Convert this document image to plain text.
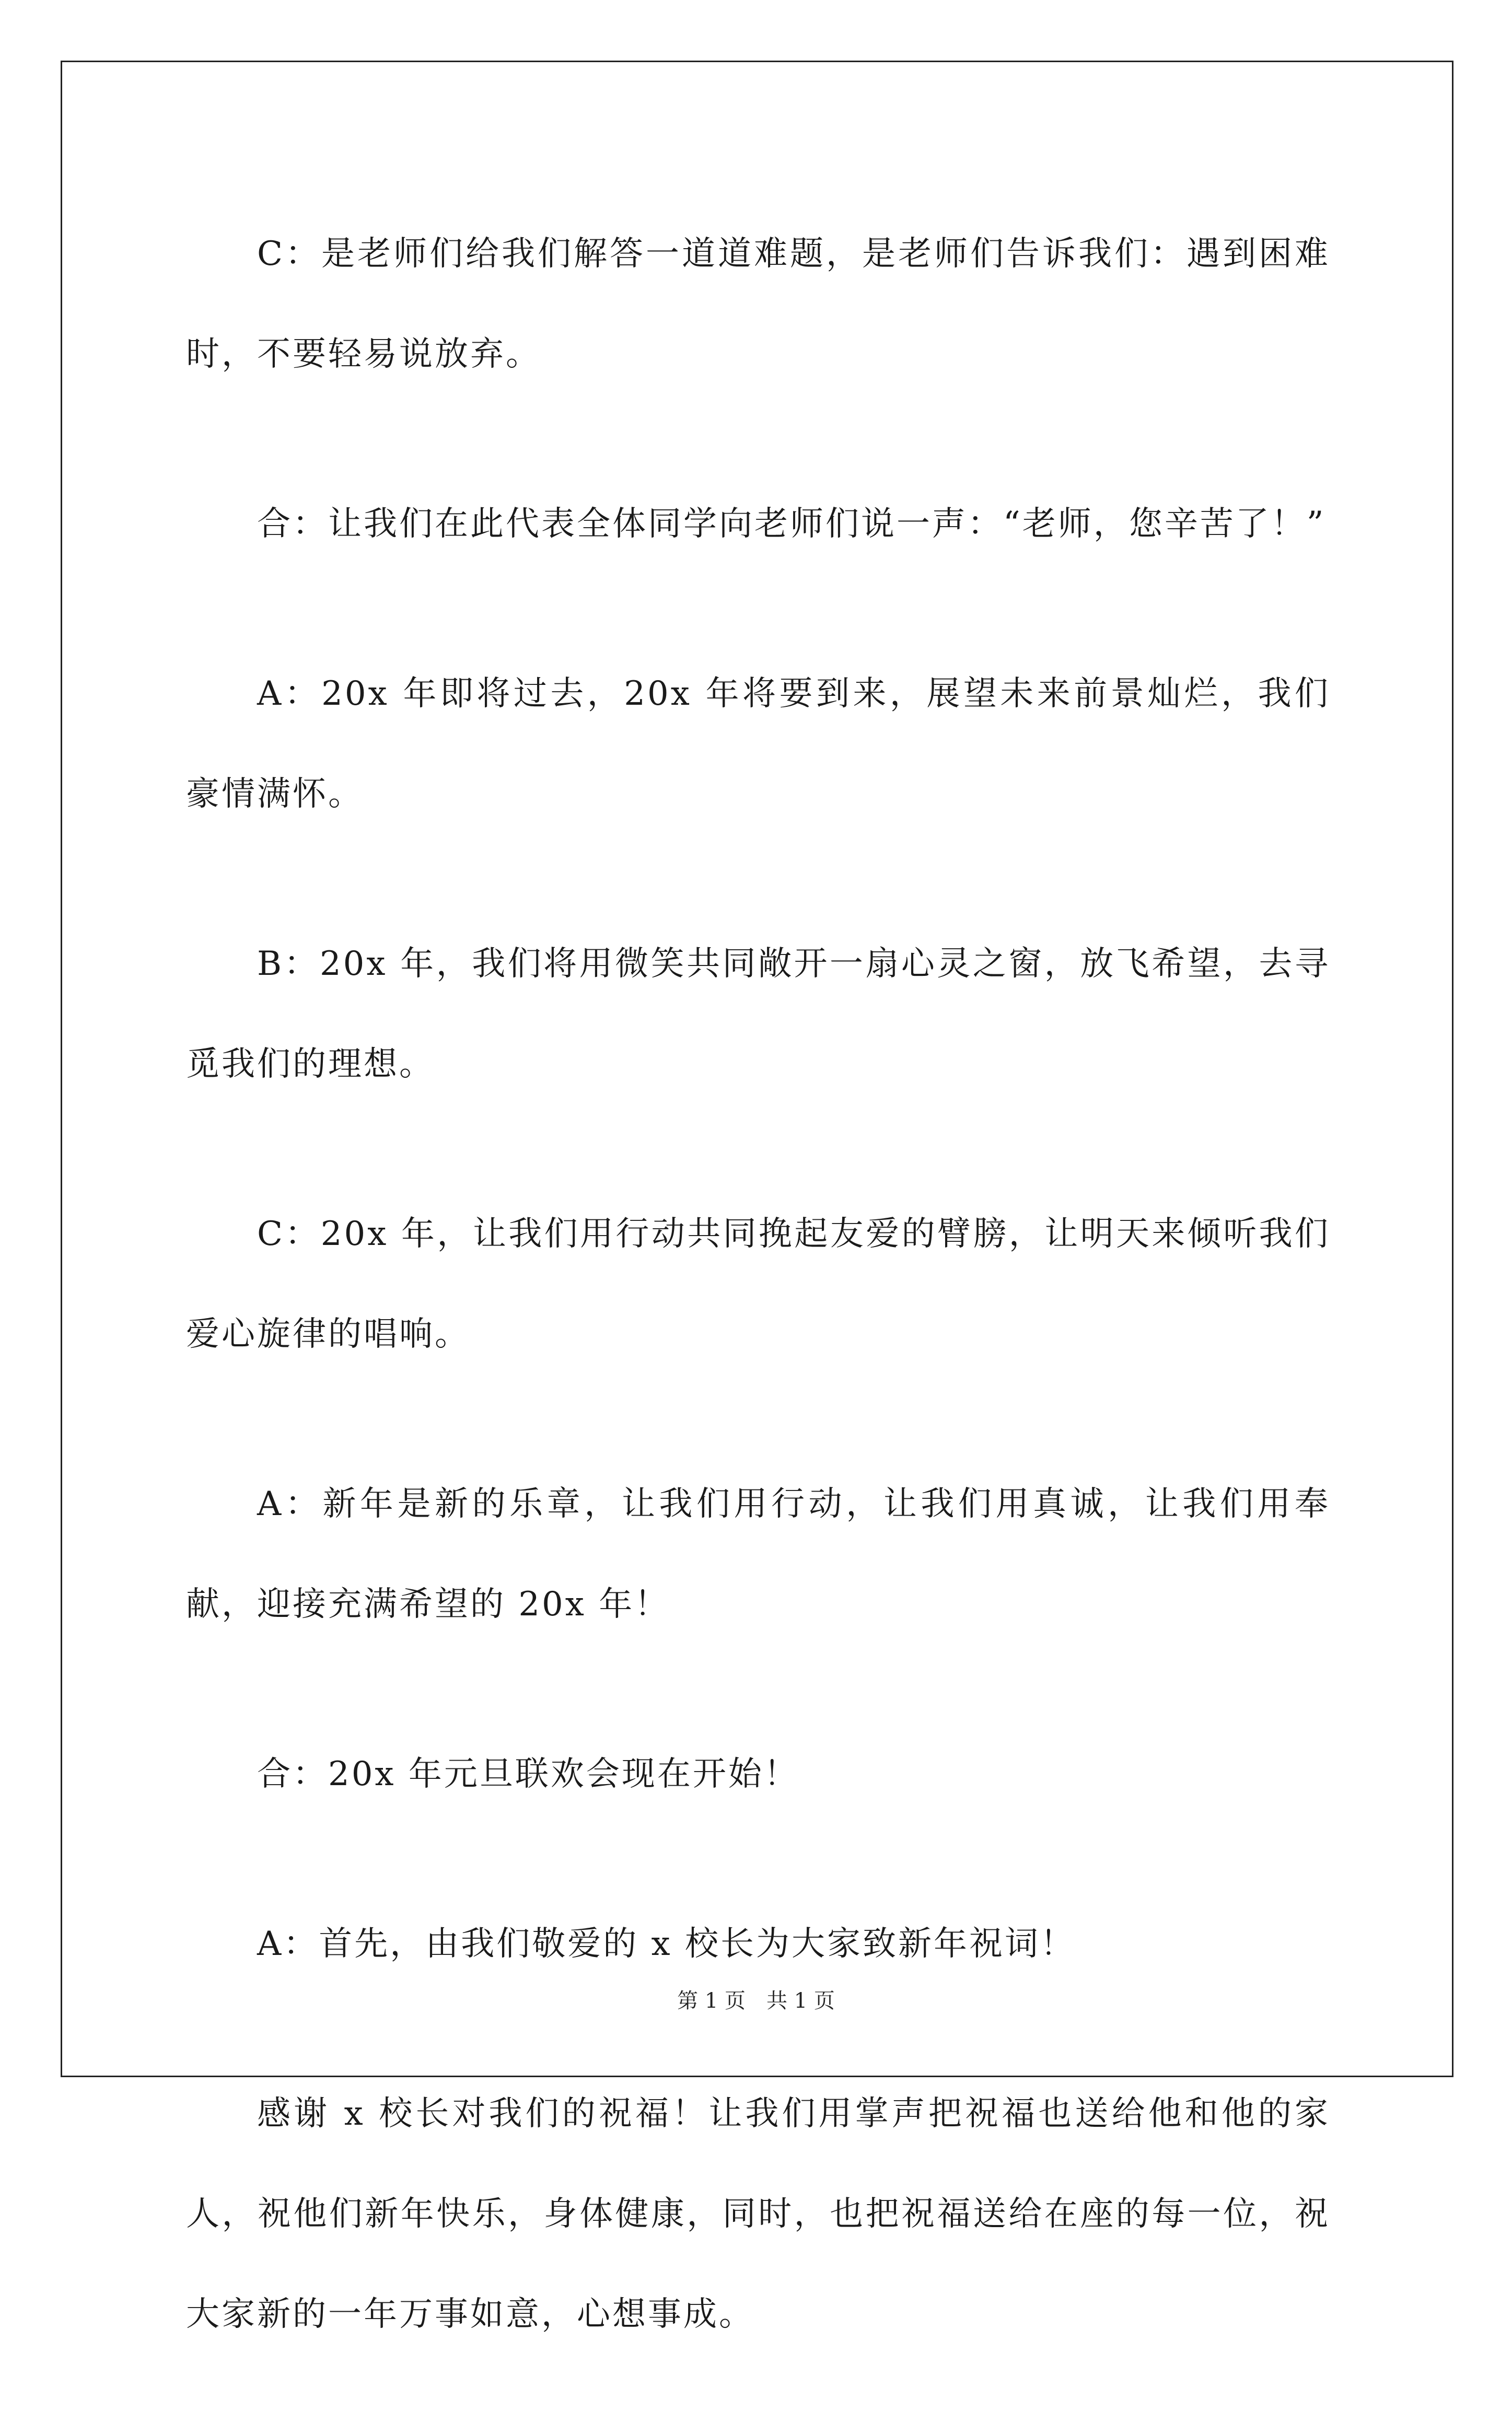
C：是老师们给我们解答一道道难题，是老师们告诉我们：遇到困难时，不要轻易说放弃。

合：让我们在此代表全体同学向老师们说一声：“老师，您辛苦了！”

A：20x 年即将过去，20x 年将要到来，展望未来前景灿烂，我们豪情满怀。

B：20x 年，我们将用微笑共同敞开一扇心灵之窗，放飞希望，去寻觅我们的理想。

C：20x 年，让我们用行动共同挽起友爱的臂膀，让明天来倾听我们爱心旋律的唱响。

A：新年是新的乐章，让我们用行动，让我们用真诚，让我们用奉献，迎接充满希望的 20x 年！

合：20x 年元旦联欢会现在开始！

A：首先，由我们敬爱的 x 校长为大家致新年祝词！

感谢 x 校长对我们的祝福！让我们用掌声把祝福也送给他和他的家人，祝他们新年快乐，身体健康，同时，也把祝福送给在座的每一位，祝大家新的一年万事如意，心想事成。

第 1 页　共 1 页
